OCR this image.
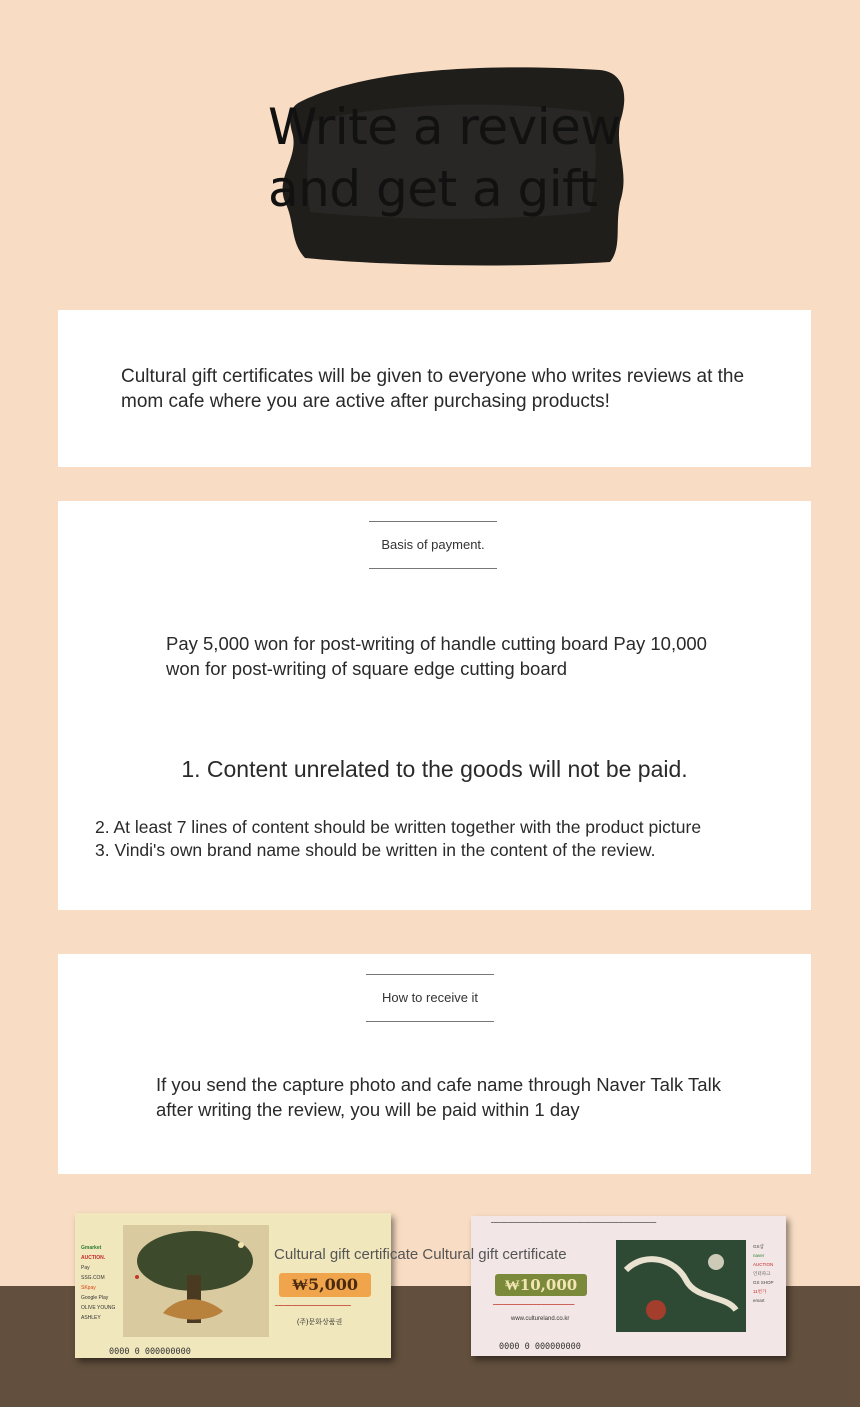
Write a review
and get a gift
Cultural gift certificates will be given to everyone who writes reviews at the mom cafe where you are active after purchasing products!
Basis of payment.
Pay 5,000 won for post-writing of handle cutting board Pay 10,000 won for post-writing of square edge cutting board
1. Content unrelated to the goods will not be paid.
2. At least 7 lines of content should be written together with the product picture
3. Vindi's own brand name should be written in the content of the review.
How to receive it
If you send the capture photo and cafe name through Naver Talk Talk after writing the review, you will be paid within 1 day
Gmarket
AUCTION.
Pay
SSG.COM
SKpay
Google Play
OLIVE YOUNG
ASHLEY
₩5,000
━━━━━━━━━━━━━━━━━━━━━━━━━━━━
(주)문화상품권
0000 0 000000000
━━━━━━━━━━━━━━━━━━━━━━━━━━━━━━━━━━━━━━━━━━━━━━━━━━━━━━━━━━━━━
₩10,000
━━━━━━━━━━━━━━━━━━━━━━━━━━━━━━
www.cultureland.co.kr
GS샵
naver
AUCTION
인터파크
GS SHOP
11번가
emart
0000 0 000000000
Cultural gift certificate Cultural gift certificate
